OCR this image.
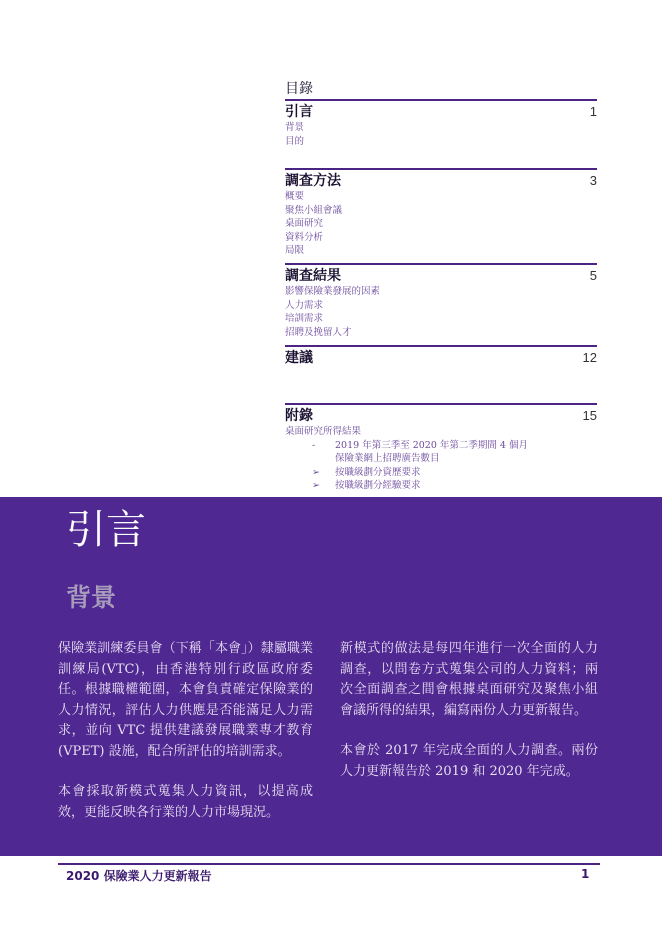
目錄
引言	1
背景
目的
調查方法	3
概要
聚焦小組會議
桌面研究
資料分析
局限
調查結果	5
影響保險業發展的因素
人力需求
培訓需求
招聘及挽留人才
建議	12
附錄	15
桌面研究所得結果
- 2019 年第三季至 2020 年第二季期間 4 個月
保險業網上招聘廣告數目
➢ 按職級劃分資歷要求
➢ 按職級劃分經驗要求
引言
背景

保險業訓練委員會（下稱「本會」）隸屬職業訓練局(VTC)，由香港特別行政區政府委任。根據職權範圍，本會負責確定保險業的人力情況，評估人力供應是否能滿足人力需求，並向 VTC 提供建議發展職業專才教育 (VPET) 設施，配合所評估的培訓需求。

本會採取新模式蒐集人力資訊，以提高成效，更能反映各行業的人力市場現況。

新模式的做法是每四年進行一次全面的人力調查，以問卷方式蒐集公司的人力資料；兩次全面調查之間會根據桌面研究及聚焦小組會議所得的結果，編寫兩份人力更新報告。

本會於 2017 年完成全面的人力調查。兩份人力更新報告於 2019 和 2020 年完成。

2020 保險業人力更新報告	1
